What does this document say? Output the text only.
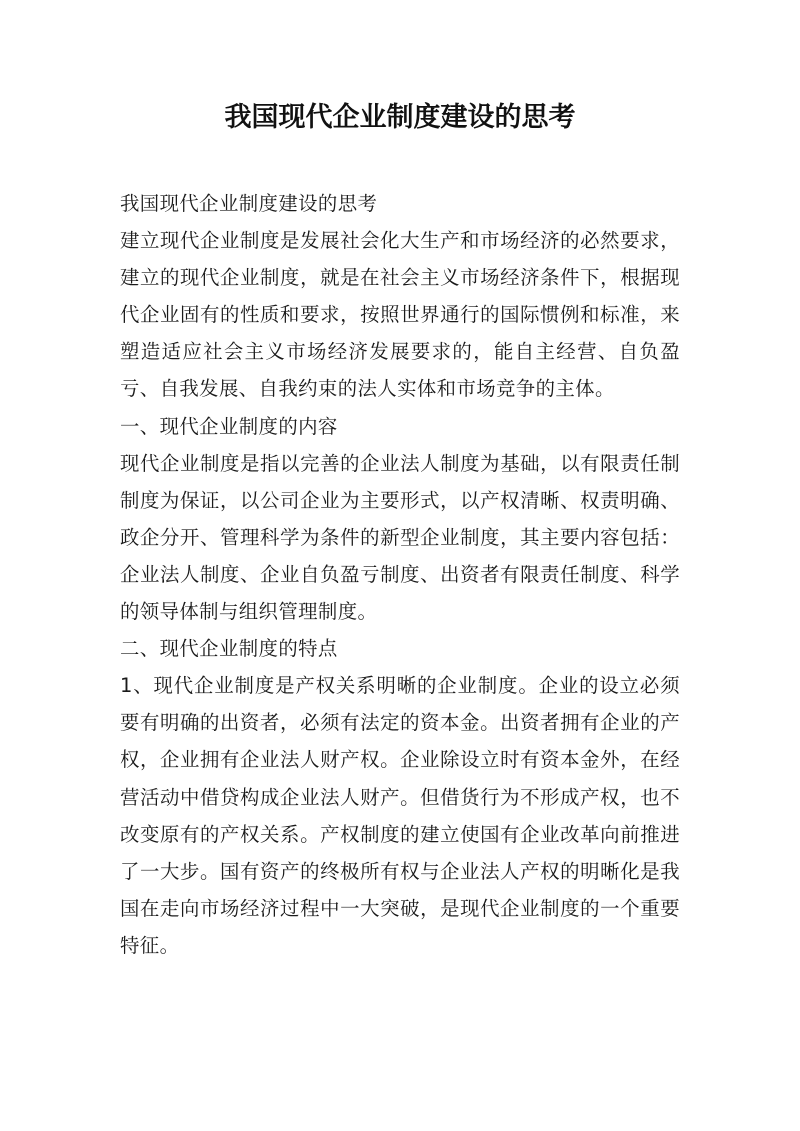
我国现代企业制度建设的思考

我国现代企业制度建设的思考

建立现代企业制度是发展社会化大生产和市场经济的必然要求，建立的现代企业制度，就是在社会主义市场经济条件下，根据现代企业固有的性质和要求，按照世界通行的国际惯例和标准，来塑造适应社会主义市场经济发展要求的，能自主经营、自负盈亏、自我发展、自我约束的法人实体和市场竞争的主体。

一、现代企业制度的内容

现代企业制度是指以完善的企业法人制度为基础，以有限责任制制度为保证，以公司企业为主要形式，以产权清晰、权责明确、政企分开、管理科学为条件的新型企业制度，其主要内容包括：企业法人制度、企业自负盈亏制度、出资者有限责任制度、科学的领导体制与组织管理制度。

二、现代企业制度的特点

1、现代企业制度是产权关系明晰的企业制度。企业的设立必须要有明确的出资者，必须有法定的资本金。出资者拥有企业的产权，企业拥有企业法人财产权。企业除设立时有资本金外，在经营活动中借贷构成企业法人财产。但借货行为不形成产权，也不改变原有的产权关系。产权制度的建立使国有企业改革向前推进了一大步。国有资产的终极所有权与企业法人产权的明晰化是我国在走向市场经济过程中一大突破，是现代企业制度的一个重要特征。
